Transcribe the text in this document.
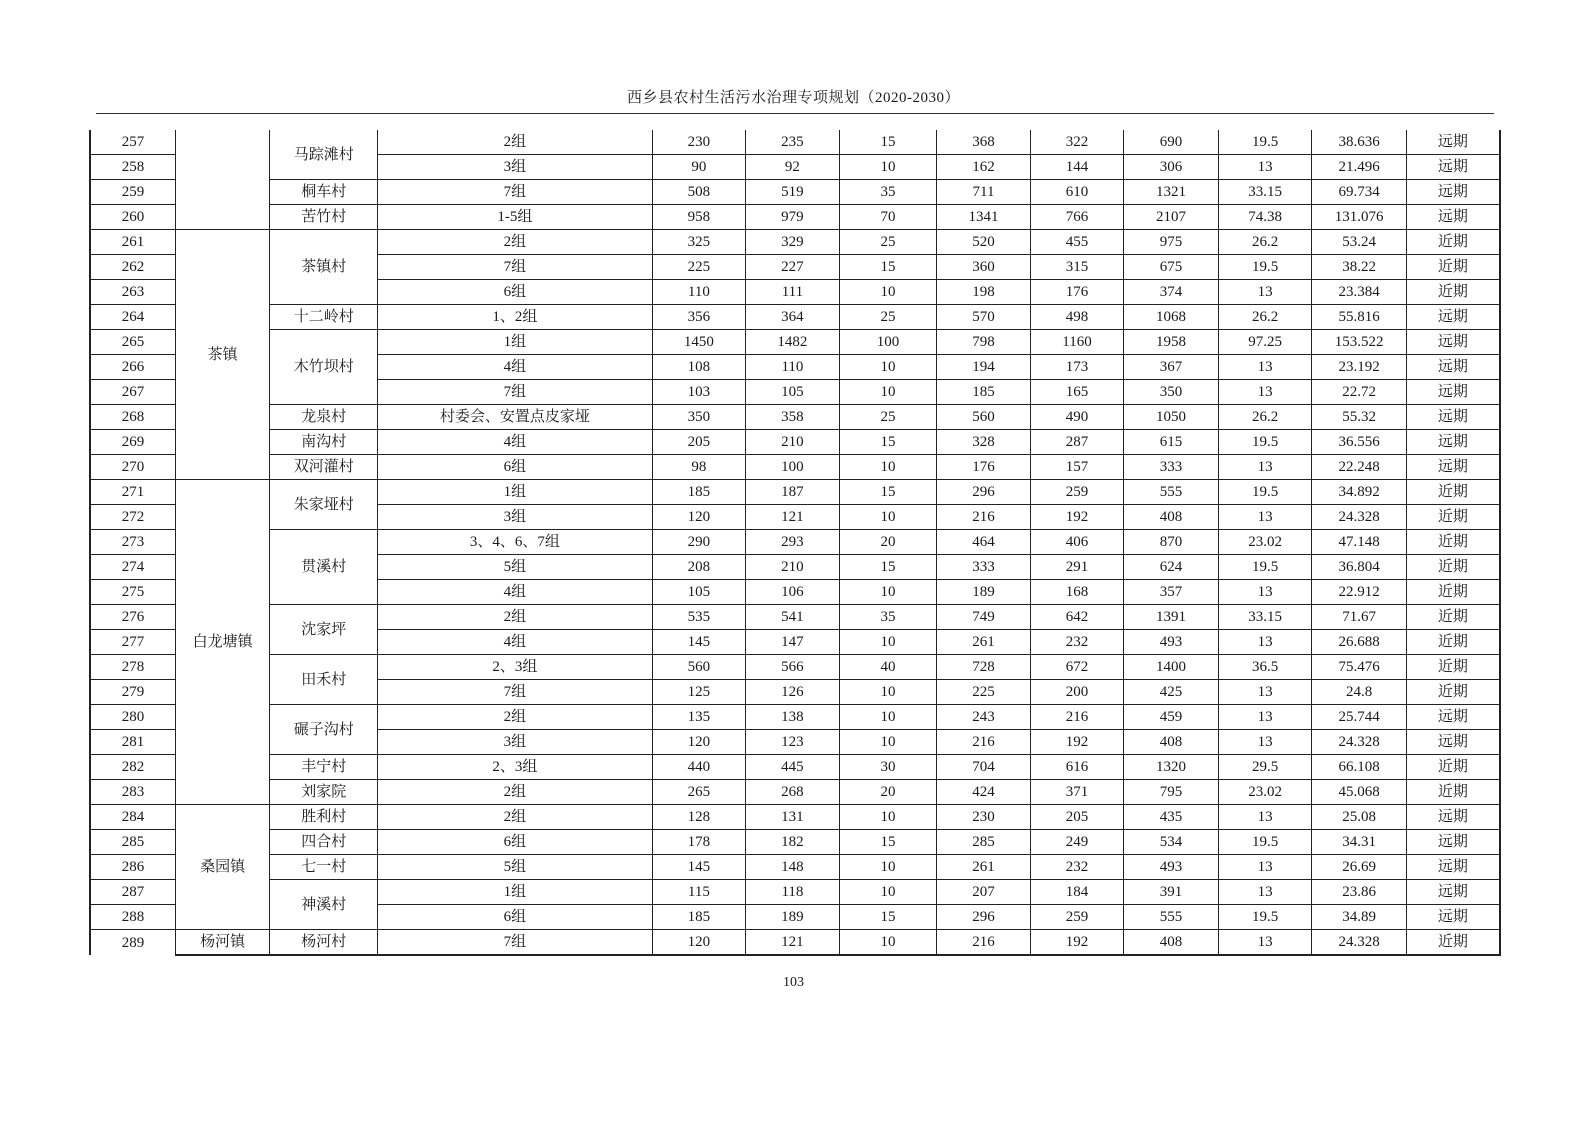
西乡县农村生活污水治理专项规划（2020-2030）
257		马踪滩村	2组	230	235	15	368	322	690	19.5	38.636	远期
258			3组	90	92	10	162	144	306	13	21.496	远期
259		桐车村	7组	508	519	35	711	610	1321	33.15	69.734	远期
260		苦竹村	1-5组	958	979	70	1341	766	2107	74.38	131.076	远期
261	茶镇	茶镇村	2组	325	329	25	520	455	975	26.2	53.24	近期
262			7组	225	227	15	360	315	675	19.5	38.22	近期
263			6组	110	111	10	198	176	374	13	23.384	近期
264		十二岭村	1、2组	356	364	25	570	498	1068	26.2	55.816	远期
265		木竹坝村	1组	1450	1482	100	798	1160	1958	97.25	153.522	远期
266			4组	108	110	10	194	173	367	13	23.192	远期
267			7组	103	105	10	185	165	350	13	22.72	远期
268		龙泉村	村委会、安置点皮家垭	350	358	25	560	490	1050	26.2	55.32	远期
269		南沟村	4组	205	210	15	328	287	615	19.5	36.556	远期
270		双河灌村	6组	98	100	10	176	157	333	13	22.248	远期
271	白龙塘镇	朱家垭村	1组	185	187	15	296	259	555	19.5	34.892	近期
272			3组	120	121	10	216	192	408	13	24.328	近期
273		贯溪村	3、4、6、7组	290	293	20	464	406	870	23.02	47.148	近期
274			5组	208	210	15	333	291	624	19.5	36.804	近期
275			4组	105	106	10	189	168	357	13	22.912	近期
276		沈家坪	2组	535	541	35	749	642	1391	33.15	71.67	近期
277			4组	145	147	10	261	232	493	13	26.688	近期
278		田禾村	2、3组	560	566	40	728	672	1400	36.5	75.476	近期
279			7组	125	126	10	225	200	425	13	24.8	近期
280		碾子沟村	2组	135	138	10	243	216	459	13	25.744	远期
281			3组	120	123	10	216	192	408	13	24.328	远期
282		丰宁村	2、3组	440	445	30	704	616	1320	29.5	66.108	近期
283		刘家院	2组	265	268	20	424	371	795	23.02	45.068	近期
284	桑园镇	胜利村	2组	128	131	10	230	205	435	13	25.08	远期
285		四合村	6组	178	182	15	285	249	534	19.5	34.31	远期
286		七一村	5组	145	148	10	261	232	493	13	26.69	远期
287		神溪村	1组	115	118	10	207	184	391	13	23.86	远期
288			6组	185	189	15	296	259	555	19.5	34.89	远期
289	杨河镇	杨河村	7组	120	121	10	216	192	408	13	24.328	近期
103
